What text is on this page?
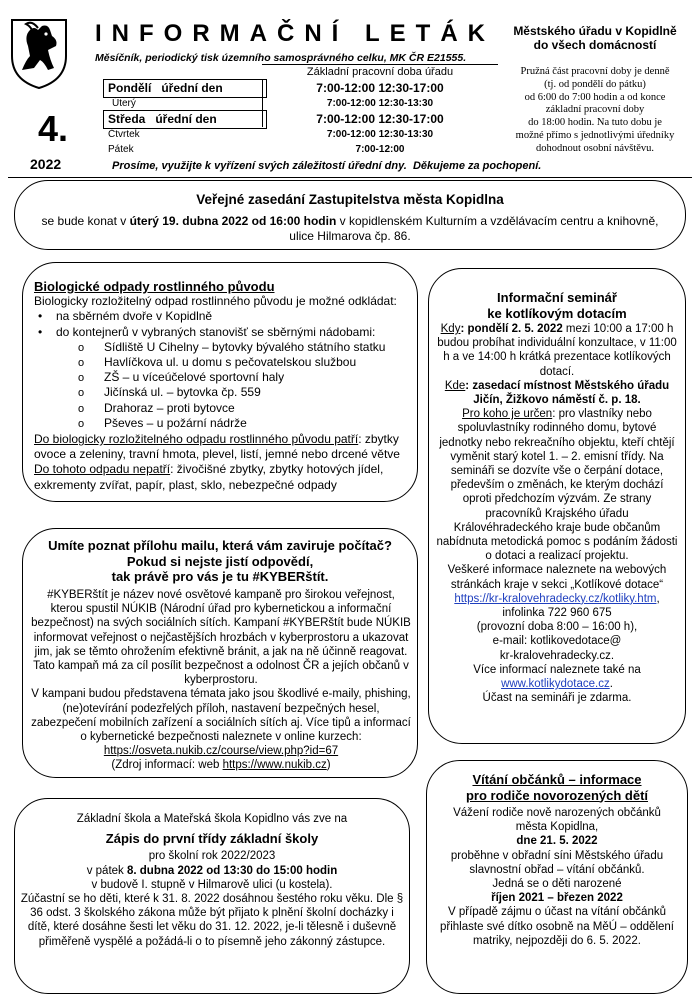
INFORMAČNÍ LETÁK
Měsíčník, periodický tisk územního samosprávného celku, MK ČR E21555.
Městského úřadu v Kopidlně
do všech domácností
Pružná část pracovní doby je denně
(tj. od pondělí do pátku)
od 6:00 do 7:00 hodin a od konce
základní pracovní doby
do 18:00 hodin. Na tuto dobu je
možné přímo s jednotlivými úředníky
dohodnout osobní návštěvu.
4.
2022
Základní pracovní doba úřadu
Pondělí   úřední den	7:00-12:00 12:30-17:00
Úterý	7:00-12:00 12:30-13:30
Středa   úřední den	7:00-12:00 12:30-17:00
Čtvrtek	7:00-12:00 12:30-13:30
Pátek	7:00-12:00
Prosíme, využijte k vyřízení svých záležitostí úřední dny.  Děkujeme za pochopení.
Veřejné zasedání Zastupitelstva města Kopidlna
se bude konat v úterý 19. dubna 2022 od 16:00 hodin v kopidlenském Kulturním a vzdělávacím centru a knihovně,
ulice Hilmarova čp. 86.
Biologické odpady rostlinného původu
Biologicky rozložitelný odpad rostlinného původu je možné odkládat:
• na sběrném dvoře v Kopidlně
• do kontejnerů v vybraných stanovišť se sběrnými nádobami:
o Sídliště U Cihelny – bytovky bývalého státního statku
o Havlíčkova ul. u domu s pečovatelskou službou
o ZŠ – u víceúčelové sportovní haly
o Jičínská ul. – bytovka čp. 559
o Drahoraz – proti bytovce
o Pševes – u požární nádrže
Do biologicky rozložitelného odpadu rostlinného původu patří: zbytky ovoce a zeleniny, travní hmota, plevel, listí, jemné nebo drcené větve
Do tohoto odpadu nepatří: živočišné zbytky, zbytky hotových jídel, exkrementy zvířat, papír, plast, sklo, nebezpečné odpady
Umíte poznat přílohu mailu, která vám zaviruje počítač?
Pokud si nejste jistí odpovědí,
tak právě pro vás je tu #KYBERštít.
#KYBERštít je název nové osvětové kampaně pro širokou veřejnost, kterou spustil NÚKIB (Národní úřad pro kybernetickou a informační bezpečnost) na svých sociálních sítích. Kampaní #KYBERštít bude NÚKIB informovat veřejnost o nejčastějších hrozbách v kyberprostoru a ukazovat jim, jak se těmto ohrožením efektivně bránit, a jak na ně účinně reagovat. Tato kampaň má za cíl posílit bezpečnost a odolnost ČR a jejích občanů v kyberprostoru.
V kampani budou představena témata jako jsou škodlivé e-maily, phishing, (ne)otevírání podezřelých příloh, nastavení bezpečných hesel, zabezpečení mobilních zařízení a sociálních sítích aj. Více tipů a informací o kybernetické bezpečnosti naleznete v online kurzech: https://osveta.nukib.cz/course/view.php?id=67
(Zdroj informací: web https://www.nukib.cz)
Základní škola a Mateřská škola Kopidlno vás zve na
Zápis do první třídy základní školy
pro školní rok 2022/2023
v pátek 8. dubna 2022 od 13:30 do 15:00 hodin
v budově I. stupně v Hilmarově ulici (u kostela).
Zúčastní se ho děti, které k 31. 8. 2022 dosáhnou šestého roku věku. Dle § 36 odst. 3 školského zákona může být přijato k plnění školní docházky i dítě, které dosáhne šesti let věku do 31. 12. 2022, je-li tělesně i duševně přiměřeně vyspělé a požádá-li o to písemně jeho zákonný zástupce.
Informační seminář
ke kotlíkovým dotacím
Kdy: pondělí 2. 5. 2022 mezi 10:00 a 17:00 h budou probíhat individuální konzultace, v 11:00 h a ve 14:00 h krátká prezentace kotlíkových dotací.
Kde: zasedací místnost Městského úřadu Jičín, Žižkovo náměstí č. p. 18.
Pro koho je určen: pro vlastníky nebo spoluvlastníky rodinného domu, bytové jednotky nebo rekreačního objektu, kteří chtějí vyměnit starý kotel 1. – 2. emisní třídy. Na semináři se dozvíte vše o čerpání dotace, především o změnách, ke kterým dochází oproti předchozím výzvám. Ze strany pracovníků Krajského úřadu Královéhradeckého kraje bude občanům nabídnuta metodická pomoc s podáním žádosti o dotaci a realizací projektu.
Veškeré informace naleznete na webových stránkách kraje v sekci „Kotlíkové dotace“
https://kr-kralovehradecky.cz/kotliky.htm,
infolinka 722 960 675
(provozní doba 8:00 – 16:00 h),
e-mail: kotlikovedotace@
kr-kralovehradecky.cz.
Více informací naleznete také na www.kotlikydotace.cz.
Účast na semináři je zdarma.
Vítání občánků – informace
pro rodiče novorozených dětí
Vážení rodiče nově narozených občánků města Kopidlna,
dne 21. 5. 2022
proběhne v obřadní síni Městského úřadu slavnostní obřad – vítání občánků.
Jedná se o děti narozené
říjen 2021 – březen 2022
V případě zájmu o účast na vítání občánků přihlaste své dítko osobně na MěÚ – oddělení matriky, nejpozději do 6. 5. 2022.
